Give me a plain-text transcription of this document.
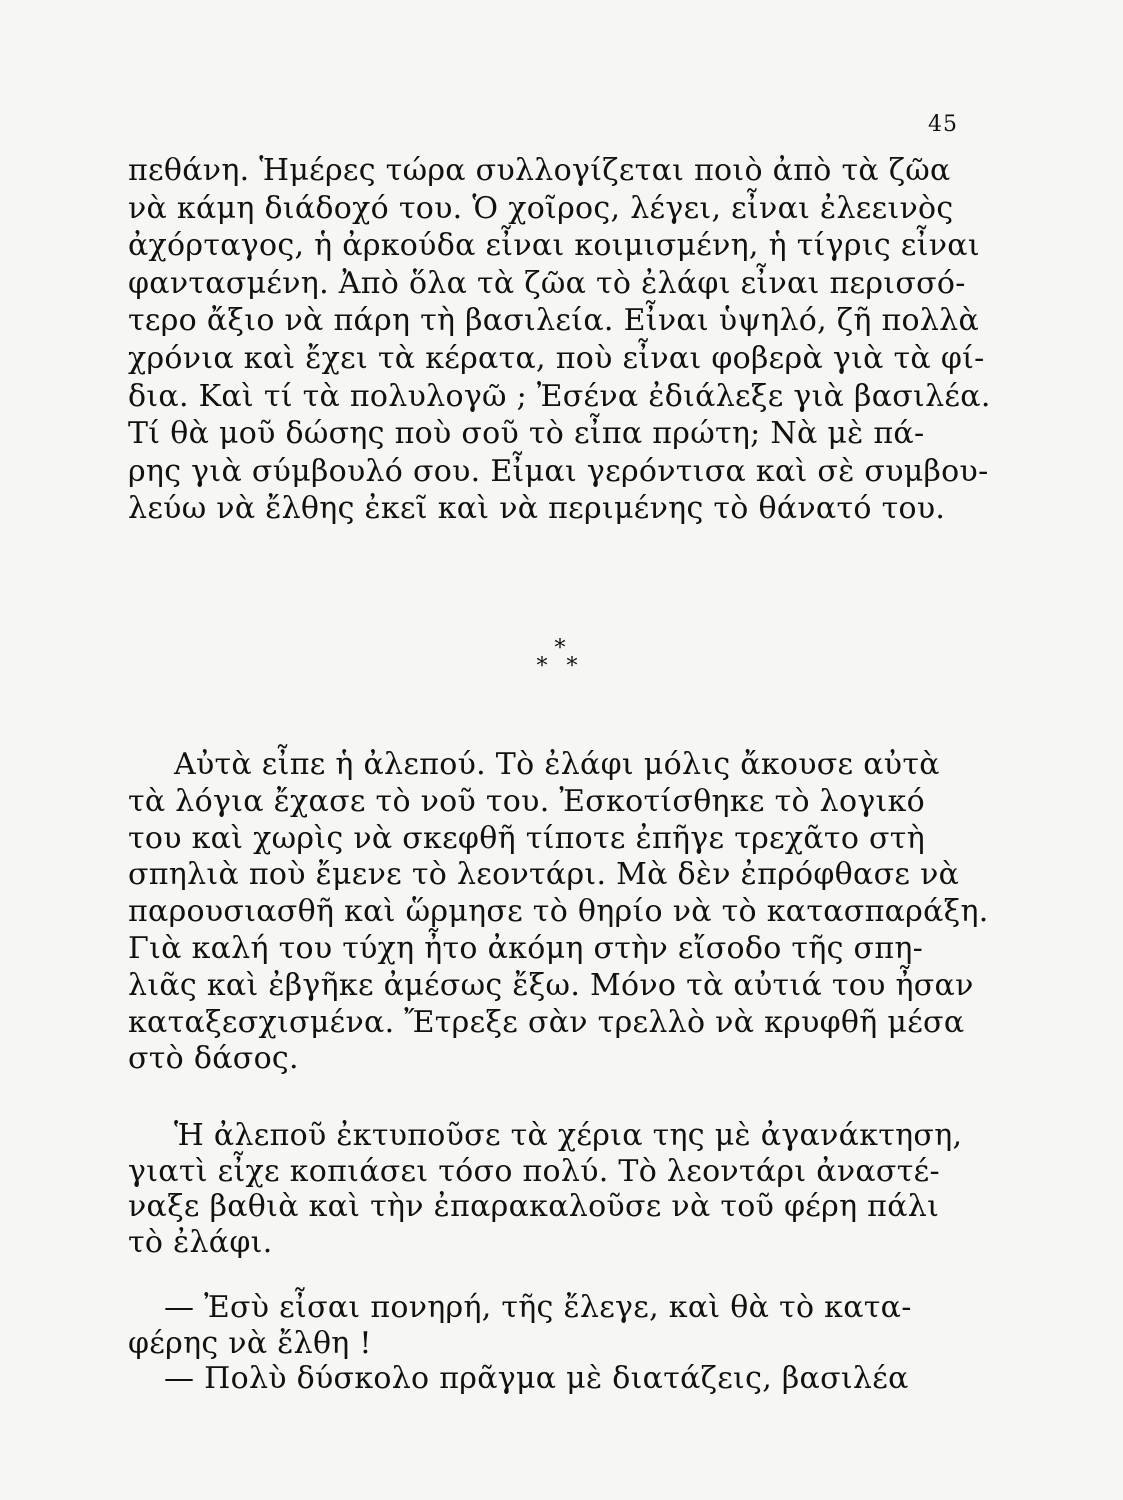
45
πεθάνη. Ἡμέρες τώρα συλλογίζεται ποιὸ ἀπὸ τὰ ζῶα
νὰ κάμη διάδοχό του. Ὁ χοῖρος, λέγει, εἶναι ἐλεεινὸς
ἀχόρταγος, ἡ ἀρκούδα εἶναι κοιμισμένη, ἡ τίγρις εἶναι
φαντασμένη. Ἀπὸ ὅλα τὰ ζῶα τὸ ἐλάφι εἶναι περισσό-
τερο ἄξιο νὰ πάρη τὴ βασιλεία. Εἶναι ὑψηλό, ζῆ πολλὰ
χρόνια καὶ ἔχει τὰ κέρατα, ποὺ εἶναι φοβερὰ γιὰ τὰ φί-
δια. Καὶ τί τὰ πολυλογῶ ; Ἐσένα ἐδιάλεξε γιὰ βασιλέα.
Τί θὰ μοῦ δώσης ποὺ σοῦ τὸ εἶπα πρώτη; Νὰ μὲ πά-
ρης γιὰ σύμβουλό σου. Εἶμαι γερόντισα καὶ σὲ συμβου-
λεύω νὰ ἔλθης ἐκεῖ καὶ νὰ περιμένης τὸ θάνατό του.
*
* *
Αὐτὰ εἶπε ἡ ἀλεπού. Τὸ ἐλάφι μόλις ἄκουσε αὐτὰ
τὰ λόγια ἔχασε τὸ νοῦ του. Ἐσκοτίσθηκε τὸ λογικό
του καὶ χωρὶς νὰ σκεφθῆ τίποτε ἐπῆγε τρεχᾶτο στὴ
σπηλιὰ ποὺ ἔμενε τὸ λεοντάρι. Μὰ δὲν ἐπρόφθασε νὰ
παρουσιασθῆ καὶ ὥρμησε τὸ θηρίο νὰ τὸ κατασπαράξη.
Γιὰ καλή του τύχη ἦτο ἀκόμη στὴν εἴσοδο τῆς σπη-
λιᾶς καὶ ἐβγῆκε ἀμέσως ἔξω. Μόνο τὰ αὐτιά του ἦσαν
καταξεσχισμένα. Ἔτρεξε σὰν τρελλὸ νὰ κρυφθῆ μέσα
στὸ δάσος.
Ἡ ἀλεποῦ ἐκτυποῦσε τὰ χέρια της μὲ ἀγανάκτηση,
γιατὶ εἶχε κοπιάσει τόσο πολύ. Τὸ λεοντάρι ἀναστέ-
ναξε βαθιὰ καὶ τὴν ἐπαρακαλοῦσε νὰ τοῦ φέρη πάλι
τὸ ἐλάφι.
— Ἐσὺ εἶσαι πονηρή, τῆς ἔλεγε, καὶ θὰ τὸ κατα-
φέρης νὰ ἔλθη !
— Πολὺ δύσκολο πρᾶγμα μὲ διατάζεις, βασιλέα
